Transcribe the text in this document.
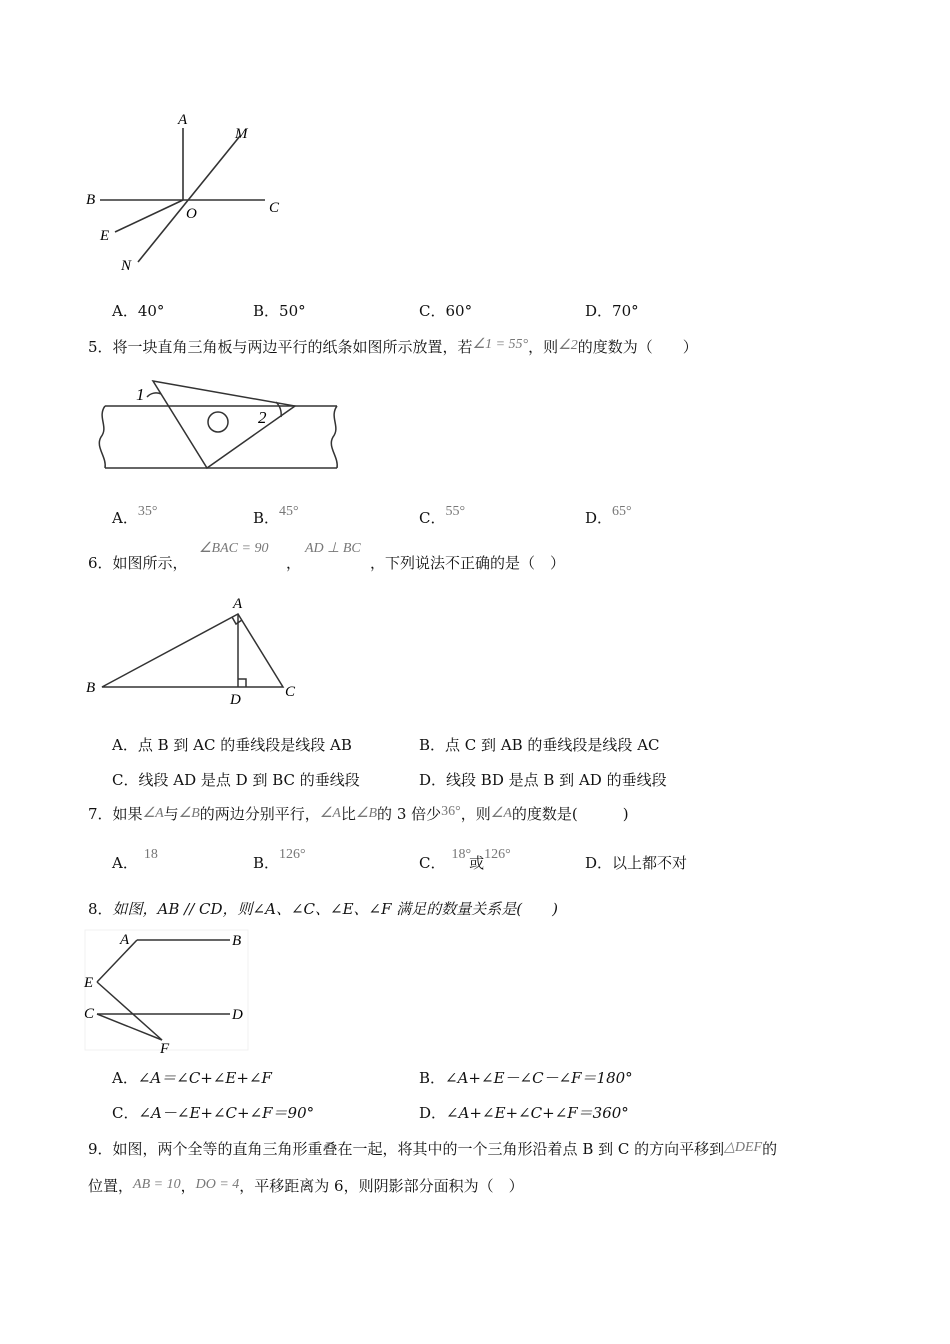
A
M
B
O	C
E
N
A．40°	B．50°	C．60°	D．70°
5．将一块直角三角板与两边平行的纸条如图所示放置，若∠1 = 55°，则∠2的度数为（　　）
1
2
A．35°	B．45°	C．55°	D．65°
6．如图所示，
∠BAC = 90
，
AD ⊥ BC
，下列说法不正确的是（　）
A
B
D	C
A．点 B 到 AC 的垂线段是线段 AB	B．点 C 到 AB 的垂线段是线段 AC
C．线段 AD 是点 D 到 BC 的垂线段	D．线段 BD 是点 B 到 AD 的垂线段
7．如果∠A与∠B的两边分别平行，∠A比∠B的 3 倍少36°，则∠A的度数是(　　　)
A． 18	B．126°	C． 18°或126°	D．以上都不对
8．如图，AB // CD，则∠A、∠C、∠E、∠F 满足的数量关系是(　　)
A	B
E
C	D
F
A．∠A＝∠C+∠E+∠F	B．∠A+∠E－∠C－∠F＝180°
C．∠A－∠E+∠C+∠F＝90°	D．∠A+∠E+∠C+∠F＝360°
9．如图，两个全等的直角三角形重叠在一起，将其中的一个三角形沿着点 B 到 C 的方向平移到△DEF的
位置，AB = 10，DO = 4，平移距离为 6，则阴影部分面积为（　）
